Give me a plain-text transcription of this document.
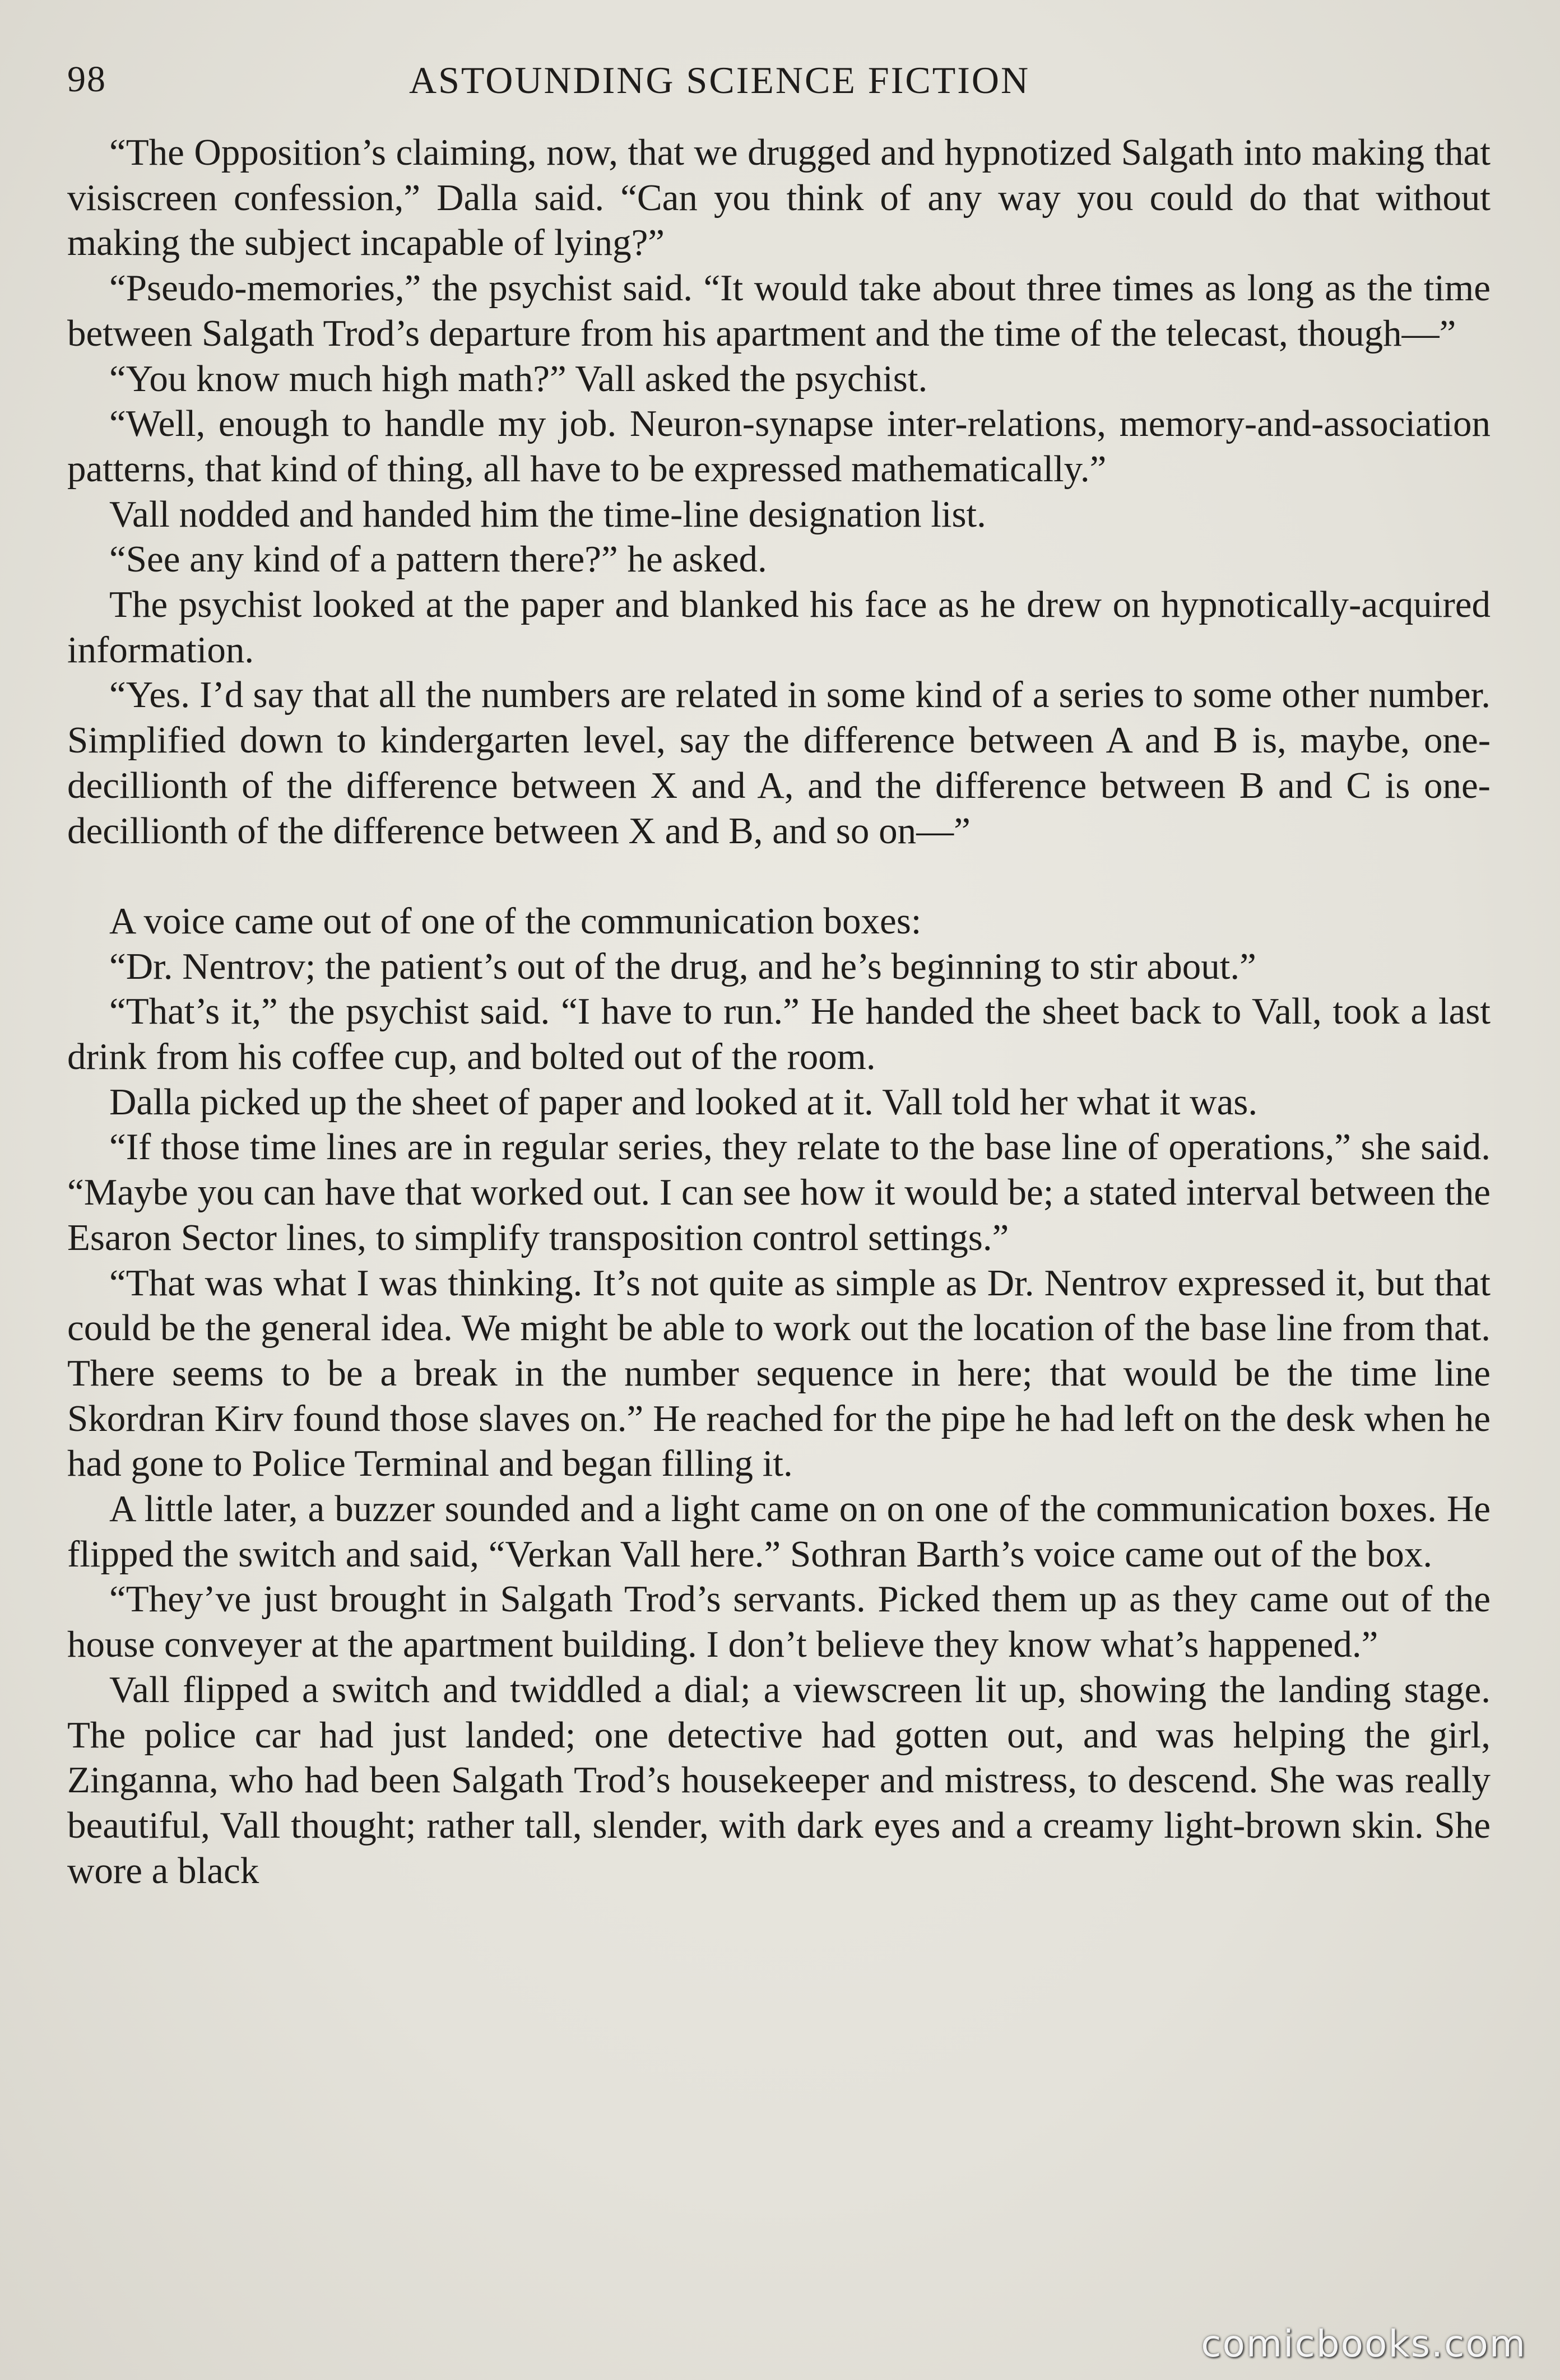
98	ASTOUNDING SCIENCE FICTION

“The Opposition’s claiming, now, that we drugged and hypnotized Salgath into making that visiscreen confession,” Dalla said. “Can you think of any way you could do that without making the subject incapable of lying?”

“Pseudo-memories,” the psychist said. “It would take about three times as long as the time between Salgath Trod’s departure from his apartment and the time of the telecast, though—”

“You know much high math?” Vall asked the psychist.

“Well, enough to handle my job. Neuron-synapse inter-relations, memory-and-association patterns, that kind of thing, all have to be expressed mathematically.”

Vall nodded and handed him the time-line designation list.

“See any kind of a pattern there?” he asked.

The psychist looked at the paper and blanked his face as he drew on hypnotically-acquired information.

“Yes. I’d say that all the numbers are related in some kind of a series to some other number. Simplified down to kindergarten level, say the difference between A and B is, maybe, one-decillionth of the difference between X and A, and the difference between B and C is one-decillionth of the difference between X and B, and so on—”

A voice came out of one of the communication boxes:

“Dr. Nentrov; the patient’s out of the drug, and he’s beginning to stir about.”

“That’s it,” the psychist said. “I have to run.” He handed the sheet back to Vall, took a last drink from his coffee cup, and bolted out of the room.

Dalla picked up the sheet of paper and looked at it. Vall told her what it was.

“If those time lines are in regular series, they relate to the base line of operations,” she said. “Maybe you can have that worked out. I can see how it would be; a stated interval between the Esaron Sector lines, to simplify transposition control settings.”

“That was what I was thinking. It’s not quite as simple as Dr. Nentrov expressed it, but that could be the general idea. We might be able to work out the location of the base line from that. There seems to be a break in the number sequence in here; that would be the time line Skordran Kirv found those slaves on.” He reached for the pipe he had left on the desk when he had gone to Police Terminal and began filling it.

A little later, a buzzer sounded and a light came on on one of the communication boxes. He flipped the switch and said, “Verkan Vall here.” Sothran Barth’s voice came out of the box.

“They’ve just brought in Salgath Trod’s servants. Picked them up as they came out of the house conveyer at the apartment building. I don’t believe they know what’s happened.”

Vall flipped a switch and twiddled a dial; a viewscreen lit up, showing the landing stage. The police car had just landed; one detective had gotten out, and was helping the girl, Zinganna, who had been Salgath Trod’s housekeeper and mistress, to descend. She was really beautiful, Vall thought; rather tall, slender, with dark eyes and a creamy light-brown skin. She wore a black

comicbooks.com
